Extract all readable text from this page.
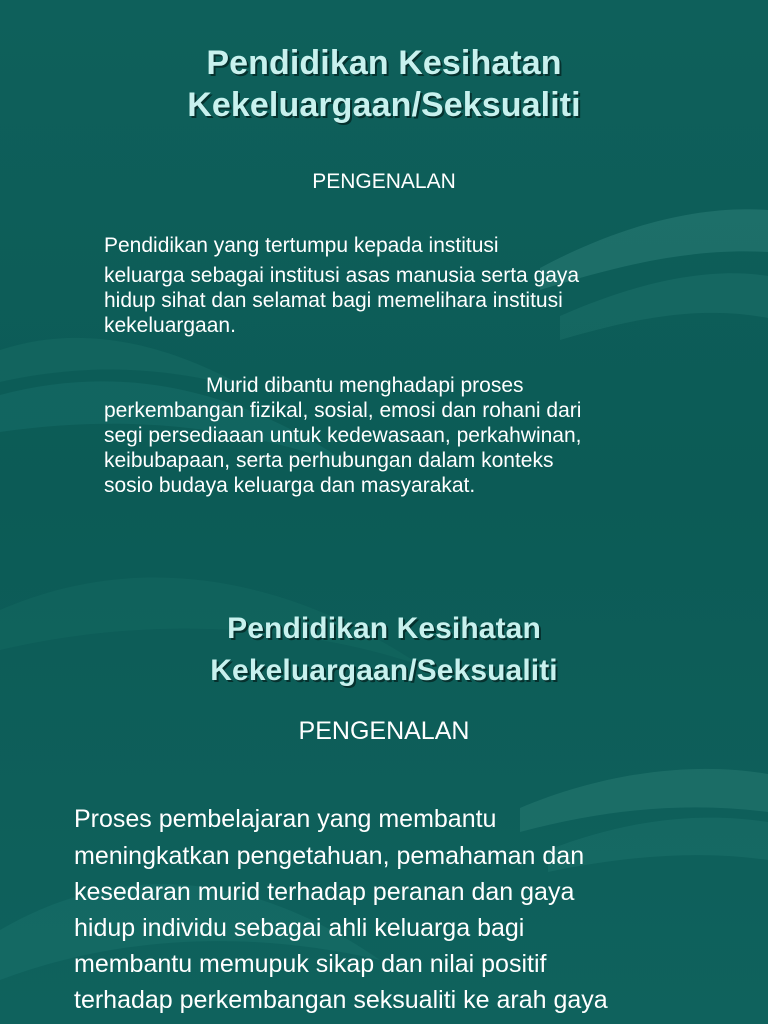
Pendidikan Kesihatan
Kekeluargaan/Seksualiti
PENGENALAN

Pendidikan yang tertumpu kepada institusi

keluarga sebagai institusi asas manusia serta gaya

hidup sihat dan selamat bagi memelihara institusi

kekeluargaan.

Murid dibantu menghadapi proses

perkembangan fizikal, sosial, emosi dan rohani dari

segi persediaaan untuk kedewasaan, perkahwinan,

keibubapaan, serta perhubungan dalam konteks

sosio budaya keluarga dan masyarakat.

Pendidikan Kesihatan
Kekeluargaan/Seksualiti
PENGENALAN

Proses pembelajaran yang membantu

meningkatkan pengetahuan, pemahaman dan

kesedaran murid terhadap peranan dan gaya

hidup individu sebagai ahli keluarga bagi

membantu memupuk sikap dan nilai positif

terhadap perkembangan seksualiti ke arah gaya
